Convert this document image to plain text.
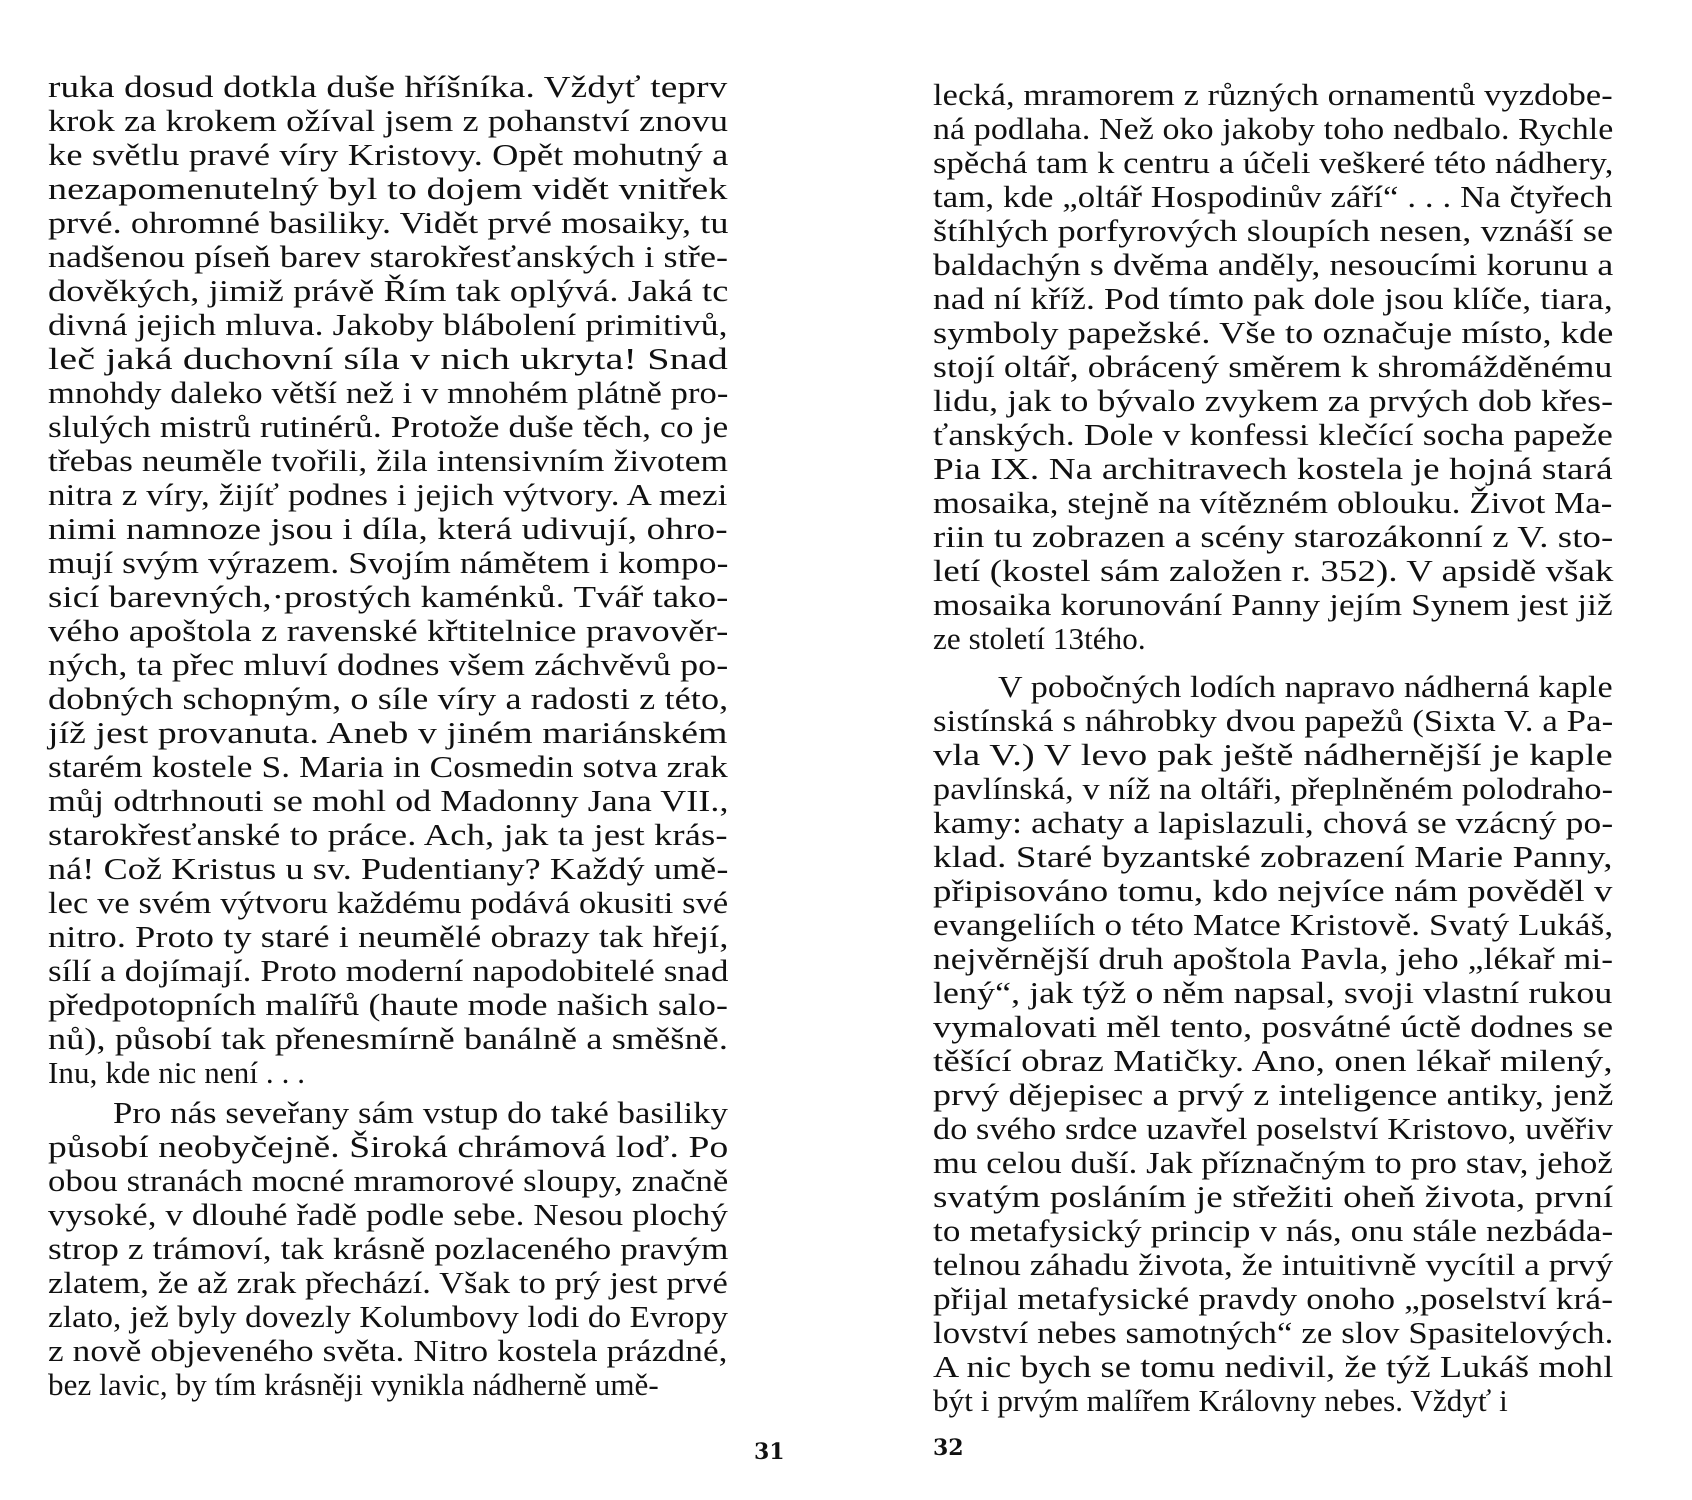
ruka dosud dotkla duše hříšníka. Vždyť teprv
krok za krokem ožíval jsem z pohanství znovu
ke světlu pravé víry Kristovy. Opět mohutný a
nezapomenutelný byl to dojem vidět vnitřek
prvé. ohromné basiliky. Vidět prvé mosaiky, tu
nadšenou píseň barev starokřesťanských i stře-
dověkých, jimiž právě Řím tak oplývá. Jaká tc
divná jejich mluva. Jakoby blábolení primitivů,
leč jaká duchovní síla v nich ukryta! Snad
mnohdy daleko větší než i v mnohém plátně pro-
slulých mistrů rutinérů. Protože duše těch, co je
třebas neuměle tvořili, žila intensivním životem
nitra z víry, žijíť podnes i jejich výtvory. A mezi
nimi namnoze jsou i díla, která udivují, ohro-
mují svým výrazem. Svojím námětem i kompo-
sicí barevných,·prostých kaménků. Tvář tako-
vého apoštola z ravenské křtitelnice pravověr-
ných, ta přec mluví dodnes všem záchvěvů po-
dobných schopným, o síle víry a radosti z této,
jíž jest provanuta. Aneb v jiném mariánském
starém kostele S. Maria in Cosmedin sotva zrak
můj odtrhnouti se mohl od Madonny Jana VII.,
starokřesťanské to práce. Ach, jak ta jest krás-
ná! Což Kristus u sv. Pudentiany? Každý umě-
lec ve svém výtvoru každému podává okusiti své
nitro. Proto ty staré i neumělé obrazy tak hřejí,
sílí a dojímají. Proto moderní napodobitelé snad
předpotopních malířů (haute mode našich salo-
nů), působí tak přenesmírně banálně a směšně.
Inu, kde nic není . . .
Pro nás seveřany sám vstup do také basiliky
působí neobyčejně. Široká chrámová loď. Po
obou stranách mocné mramorové sloupy, značně
vysoké, v dlouhé řadě podle sebe. Nesou plochý
strop z trámoví, tak krásně pozlaceného pravým
zlatem, že až zrak přechází. Však to prý jest prvé
zlato, jež byly dovezly Kolumbovy lodi do Evropy
z nově objeveného světa. Nitro kostela prázdné,
bez lavic, by tím krásněji vynikla nádherně umě-
31
lecká, mramorem z různých ornamentů vyzdobe-
ná podlaha. Než oko jakoby toho nedbalo. Rychle
spěchá tam k centru a účeli veškeré této nádhery,
tam, kde „oltář Hospodinův září“ . . . Na čtyřech
štíhlých porfyrových sloupích nesen, vznáší se
baldachýn s dvěma anděly, nesoucími korunu a
nad ní kříž. Pod tímto pak dole jsou klíče, tiara,
symboly papežské. Vše to označuje místo, kde
stojí oltář, obrácený směrem k shromážděnému
lidu, jak to bývalo zvykem za prvých dob křes-
ťanských. Dole v konfessi klečící socha papeže
Pia IX. Na architravech kostela je hojná stará
mosaika, stejně na vítězném oblouku. Život Ma-
riin tu zobrazen a scény starozákonní z V. sto-
letí (kostel sám založen r. 352). V apsidě však
mosaika korunování Panny jejím Synem jest již
ze století 13tého.
V pobočných lodích napravo nádherná kaple
sistínská s náhrobky dvou papežů (Sixta V. a Pa-
vla V.) V levo pak ještě nádhernější je kaple
pavlínská, v níž na oltáři, přeplněném polodraho-
kamy: achaty a lapislazuli, chová se vzácný po-
klad. Staré byzantské zobrazení Marie Panny,
připisováno tomu, kdo nejvíce nám pověděl v
evangeliích o této Matce Kristově. Svatý Lukáš,
nejvěrnější druh apoštola Pavla, jeho „lékař mi-
lený“, jak týž o něm napsal, svoji vlastní rukou
vymalovati měl tento, posvátné úctě dodnes se
těšící obraz Matičky. Ano, onen lékař milený,
prvý dějepisec a prvý z inteligence antiky, jenž
do svého srdce uzavřel poselství Kristovo, uvěřiv
mu celou duší. Jak příznačným to pro stav, jehož
svatým posláním je střežiti oheň života, první
to metafysický princip v nás, onu stále nezbáda-
telnou záhadu života, že intuitivně vycítil a prvý
přijal metafysické pravdy onoho „poselství krá-
lovství nebes samotných“ ze slov Spasitelových.
A nic bych se tomu nedivil, že týž Lukáš mohl
být i prvým malířem Královny nebes. Vždyť i
32
